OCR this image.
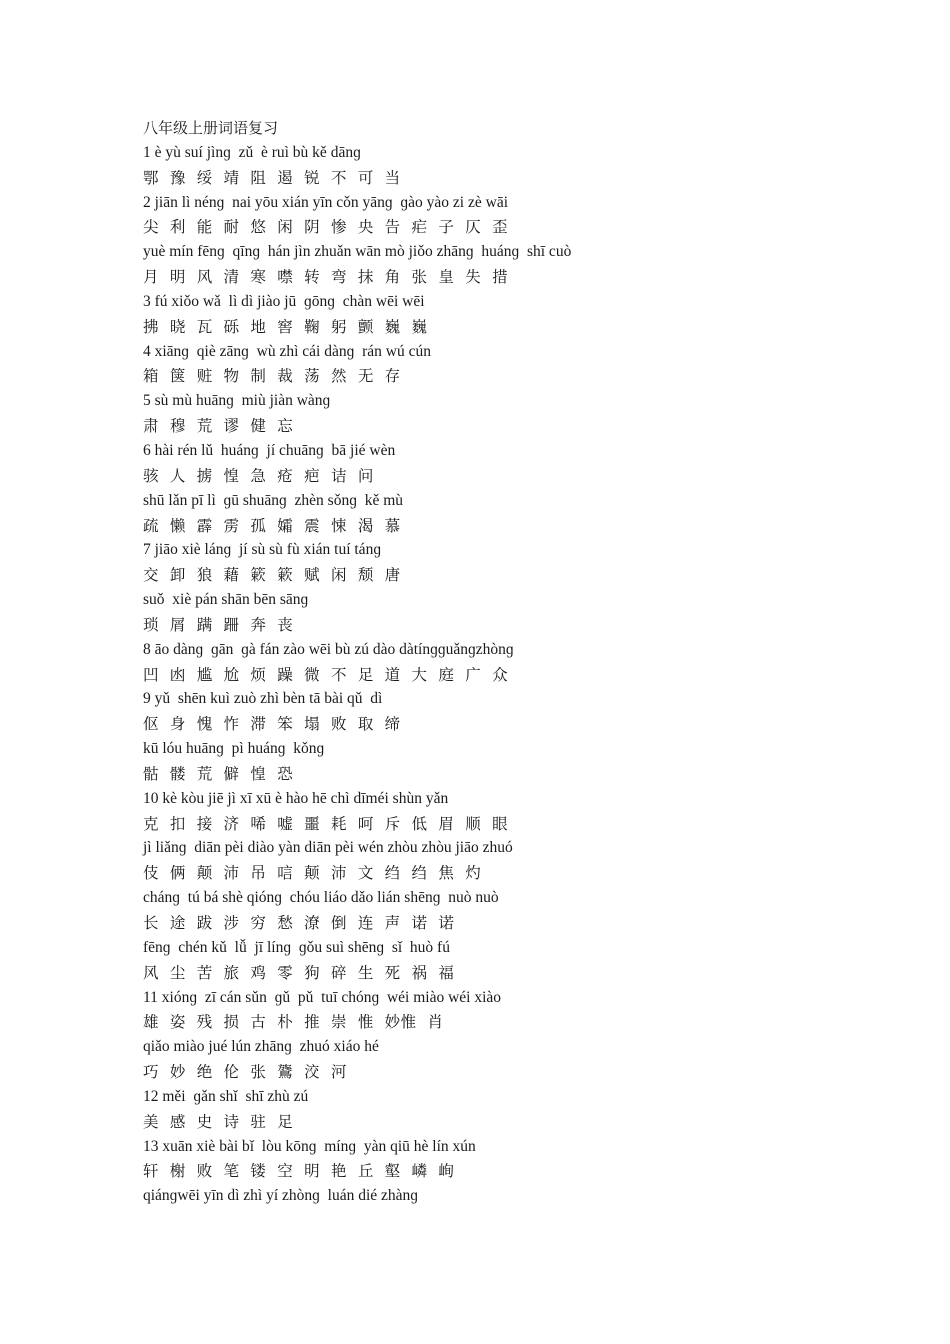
八年级上册词语复习
1 è yù suí jìnɡ  zǔ  è ruì bù kě dānɡ
鄂  豫  绥  靖  阻  遏  锐  不  可  当
2 jiān lì nénɡ  nai yōu xián yīn cǒn yānɡ  ɡào yào zi zè wāi
尖  利  能  耐  悠  闲  阴  惨  央  告  疟  子  仄  歪
yuè mín fēnɡ  qīnɡ  hán jìn zhuǎn wān mò jiǒo zhānɡ  huánɡ  shī cuò
月  明  风  清  寒  噤  转  弯  抹  角  张  皇  失  措
3 fú xiǒo wǎ  lì dì jiào jū  ɡōnɡ  chàn wēi wēi
拂  晓  瓦  砾  地  窖  鞠  躬  颤  巍  巍
4 xiānɡ  qiè zānɡ  wù zhì cái dànɡ  rán wú cún
箱  箧  赃  物  制  裁  荡  然  无  存
5 sù mù huānɡ  miù jiàn wànɡ
肃  穆  荒  谬  健  忘
6 hài rén lǔ  huánɡ  jí chuānɡ  bā jié wèn
骇  人  掳  惶  急  疮  疤  诘  问
shū lǎn pī lì  ɡū shuānɡ  zhèn sǒnɡ  kě mù
疏  懒  霹  雳  孤  孀  震  悚  渴  慕
7 jiāo xiè lánɡ  jí sù sù fù xián tuí tánɡ
交  卸  狼  藉  簌  簌  赋  闲  颓  唐
suǒ  xiè pán shān bēn sānɡ
琐  屑  蹒  跚  奔  丧
8 āo dànɡ  ɡān  ɡà fán zào wēi bù zú dào dàtínɡɡuǎnɡzhònɡ
凹  凼  尴  尬  烦  躁  微  不  足  道  大  庭  广  众
9 yǔ  shēn kuì zuò zhì bèn tā bài qǔ  dì
伛  身  愧  怍  滞  笨  塌  败  取  缔
kū lóu huānɡ  pì huánɡ  kǒnɡ
骷  髅  荒  僻  惶  恐
10 kè kòu jiē jì xī xū è hào hē chì dīméi shùn yǎn
克  扣  接  济  唏  嘘  噩  耗  呵  斥  低  眉  顺  眼
jì liǎnɡ  diān pèi diào yàn diān pèi wén zhòu zhòu jiāo zhuó
伎  俩  颠  沛  吊  唁  颠  沛  文  绉  绉  焦  灼
chánɡ  tú bá shè qiónɡ  chóu liáo dǎo lián shēnɡ  nuò nuò
长  途  跋  涉  穷  愁  潦  倒  连  声  诺  诺
fēnɡ  chén kǔ  lǚ  jī línɡ  ɡǒu suì shēnɡ  sǐ  huò fú
风  尘  苦  旅  鸡  零  狗  碎  生  死  祸  福
11 xiónɡ  zī cán sǔn  ɡǔ  pǔ  tuī chónɡ  wéi miào wéi xiào
雄  姿  残  损  古  朴  推  崇  惟  妙惟  肖
qiǎo miào jué lún zhānɡ  zhuó xiáo hé
巧  妙  绝  伦  张  鷟  洨  河
12 měi  ɡǎn shǐ  shī zhù zú
美  感  史  诗  驻  足
13 xuān xiè bài bǐ  lòu kōnɡ  mínɡ  yàn qiū hè lín xún
轩  榭  败  笔  镂  空  明  艳  丘  壑  嶙  峋
qiánɡwēi yīn dì zhì yí zhònɡ  luán dié zhànɡ
